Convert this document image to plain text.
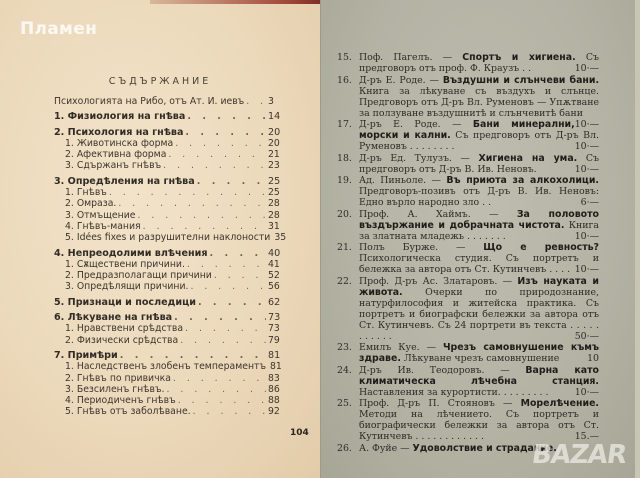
Пламен
СЪДЪРЖАНИЕ
Психологията на Рибо, отъ Ат. И. иевъ . . .	3
1. Физиология на гнѣва . . .	14
2. Психология на гнѣва . . .	20
1. Животинска форма . . .	20
2. Афективна форма . . .	21
3. Сдържанъ гнѣвъ . . .	23
3. Опредѣления на гнѣва . . .	25
1. Гнѣвъ . . .	25
2. Омраза. . . .	28
3. Отмъщение . . .	28
4. Гнѣвъ-мания . . .	31
5. Idées fixes и разрушителни наклоности 35
4. Непреодолими влѣчения . . .	40
1. Сѫществени причини. . . .	41
2. Предразполагащи причини . . .	52
3. Опредѣлящи причини. . . .	56
5. Признаци и последици . . .	62
6. Лѣкуване на гнѣва . . .	73
1. Нравствени срѣдства . . .	73
2. Физически срѣдства . . .	79
7. Примѣри . . .	81
1. Наследственъ злобенъ темпераментъ 81
2. Гнѣвъ по привичка . . .	83
3. Безсиленъ гнѣвъ. . . .	86
4. Периодиченъ гнѣвъ . . .	88
5. Гнѣвъ отъ заболѣване. . . .	92
104
15. Поф. Пагелъ. — Спортъ и хигиена. Съ предговоръ отъ проф. Ф. Краузъ . .	10·—
16. Д-ръ Е. Роде. — Въздушни и слънчеви бани. Книга за лѣкуване съ въздухъ и слънце. Предговоръ отъ Д-ръ Вл. Руменовъ — Упѫтване за ползуване въздушнитѣ и слънчевитѣ бани
10·—
17. Д-ръ Е. Роде. — Бани минерални, морски и кални. Съ предговоръ отъ Д-ръ Вл. Руменовъ . . . . . . . .	10·—
18. Д-ръ Ед. Тулузъ. — Хигиена на ума. Съ предговоръ отъ Д-ръ В. Ив. Неновъ.	10·—
19. Ад. Пиньоле. — Въ приюта за алкохолици. Предговоръ-позивъ отъ Д-ръ В. Ив. Неновъ: Едно върло народно зло . .	6·—
20. Проф. А. Хаймъ. — За половото въздържание и добрачната чистота. Книга за златната младежь . . . . . . .	10·—
21. Полъ Бурже. — Що е ревность? Психологическа студия. Съ портретъ и бележка за автора отъ Ст. Кутинчевъ . . . . 10·—
22. Проф. Д-ръ Ас. Златаровъ. — Изъ науката и живота. Очерки по природознание, натурфилософия и житейска практика. Съ портретъ и биографски бележки за автора отъ Ст. Кутинчевъ. Съ 24 портрети въ текста . . . . . . . . . . .	50·—
23. Емилъ Куе. — Чрезъ самовнушение къмъ здраве. Лѣкуване чрезъ самовнушение	10
24. Д-ръ Ив. Теодоровъ. — Варна като климатическа лѣчебна станция. Наставления за курортисти. . . . . . . . .	10·—
25. Проф. Д-ръ П. Стояновъ — Морелѣчение. Методи на лѣчението. Съ портретъ и биографически бележки за автора отъ Ст. Кутинчевъ . . . . . . . . . . . .	15.—
26. А. Фуйе — Удоволствие и страдание.
BAZAR
